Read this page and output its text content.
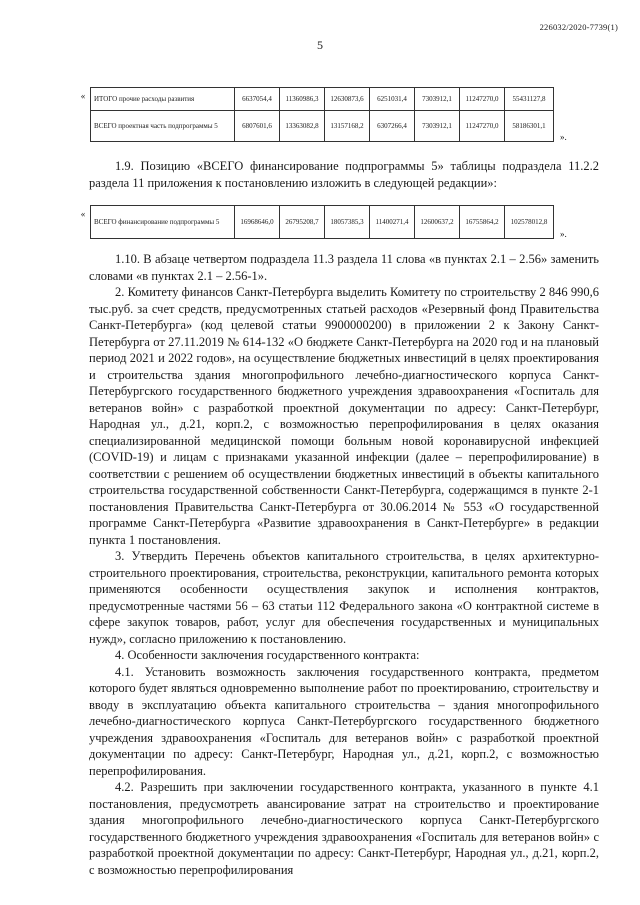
226032/2020-7739(1)
5
«	ИТОГО прочие расходы развития	6637054,4	11360986,3	12630873,6	6251031,4	7303912,1	11247270,0	55431127,8
ВСЕГО проектная часть подпрограммы 5	6807601,6	13363082,8	13157168,2	6307266,4	7303912,1	11247270,0	58186301,1
».

1.9. Позицию «ВСЕГО финансирование подпрограммы 5» таблицы подраздела 11.2.2 раздела 11 приложения к постановлению изложить в следующей редакции»:

«
ВСЕГО финансирование подпрограммы 5	16968646,0	26795208,7	18057385,3	11400271,4	12600637,2	16755864,2	102578012,8
».

1.10. В абзаце четвертом подраздела 11.3 раздела 11 слова «в пунктах 2.1 – 2.56» заменить словами «в пунктах 2.1 – 2.56-1».

2. Комитету финансов Санкт-Петербурга выделить Комитету по строительству 2 846 990,6 тыс.руб. за счет средств, предусмотренных статьей расходов «Резервный фонд Правительства Санкт-Петербурга» (код целевой статьи 9900000200) в приложении 2 к Закону Санкт-Петербурга от 27.11.2019 № 614-132 «О бюджете Санкт-Петербурга на 2020 год и на плановый период 2021 и 2022 годов», на осуществление бюджетных инвестиций в целях проектирования и строительства здания многопрофильного лечебно-диагностического корпуса Санкт-Петербургского государственного бюджетного учреждения здравоохранения «Госпиталь для ветеранов войн» с разработкой проектной документации по адресу: Санкт-Петербург, Народная ул., д.21, корп.2, с возможностью перепрофилирования в целях оказания специализированной медицинской помощи больным новой коронавирусной инфекцией (COVID-19) и лицам с признаками указанной инфекции (далее – перепрофилирование) в соответствии с решением об осуществлении бюджетных инвестиций в объекты капитального строительства государственной собственности Санкт-Петербурга, содержащимся в пункте 2-1 постановления Правительства Санкт-Петербурга от 30.06.2014 № 553 «О государственной программе Санкт-Петербурга «Развитие здравоохранения в Санкт-Петербурге» в редакции пункта 1 постановления.

3. Утвердить Перечень объектов капитального строительства, в целях архитектурно-строительного проектирования, строительства, реконструкции, капитального ремонта которых применяются особенности осуществления закупок и исполнения контрактов, предусмотренные частями 56 – 63 статьи 112 Федерального закона «О контрактной системе в сфере закупок товаров, работ, услуг для обеспечения государственных и муниципальных нужд», согласно приложению к постановлению.

4. Особенности заключения государственного контракта:

4.1. Установить возможность заключения государственного контракта, предметом которого будет являться одновременно выполнение работ по проектированию, строительству и вводу в эксплуатацию объекта капитального строительства – здания многопрофильного лечебно-диагностического корпуса Санкт-Петербургского государственного бюджетного учреждения здравоохранения «Госпиталь для ветеранов войн» с разработкой проектной документации по адресу: Санкт-Петербург, Народная ул., д.21, корп.2, с возможностью перепрофилирования.

4.2. Разрешить при заключении государственного контракта, указанного в пункте 4.1 постановления, предусмотреть авансирование затрат на строительство и проектирование здания многопрофильного лечебно-диагностического корпуса Санкт-Петербургского государственного бюджетного учреждения здравоохранения «Госпиталь для ветеранов войн» с разработкой проектной документации по адресу: Санкт-Петербург, Народная ул., д.21, корп.2, с возможностью перепрофилирования
